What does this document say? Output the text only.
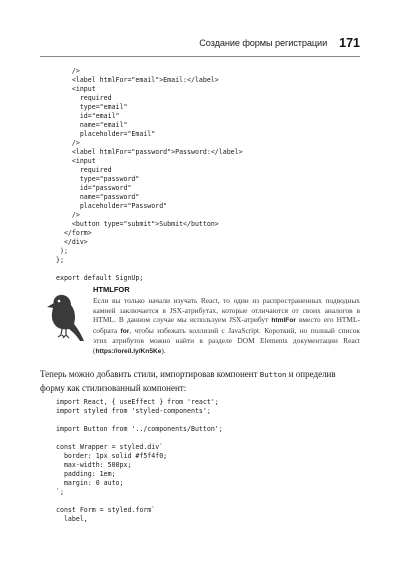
Создание формы регистрации 171
/>
<label htmlFor="email">Email:</label>
<input
required
type="email"
id="email"
name="email"
placeholder="Email"
/>
<label htmlFor="password">Password:</label>
<input
required
type="password"
id="password"
name="password"
placeholder="Password"
/>
<button type="submit">Submit</button>
</form>
</div>
);
};

export default SignUp;
HTMLFOR

Если вы только начали изучать React, то один из распространенных подводных камней заключается в JSX-атрибутах, которые отличаются от своих аналогов в HTML. В данном случае мы используем JSX-атрибут htmlFor вместо его HTML-собрата for, чтобы избежать коллизий с JavaScript. Короткий, но полный список этих атрибутов можно найти в разделе DOM Elements документации React (https://oreil.ly/Kn5Ke).

Теперь можно добавить стили, импортировав компонент Button и определив форму как стилизованный компонент:

import React, { useEffect } from 'react';
import styled from 'styled-components';

import Button from '../components/Button';

const Wrapper = styled.div`
border: 1px solid #f5f4f0;
max-width: 500px;
padding: 1em;
margin: 0 auto;
`;

const Form = styled.form`
label,
